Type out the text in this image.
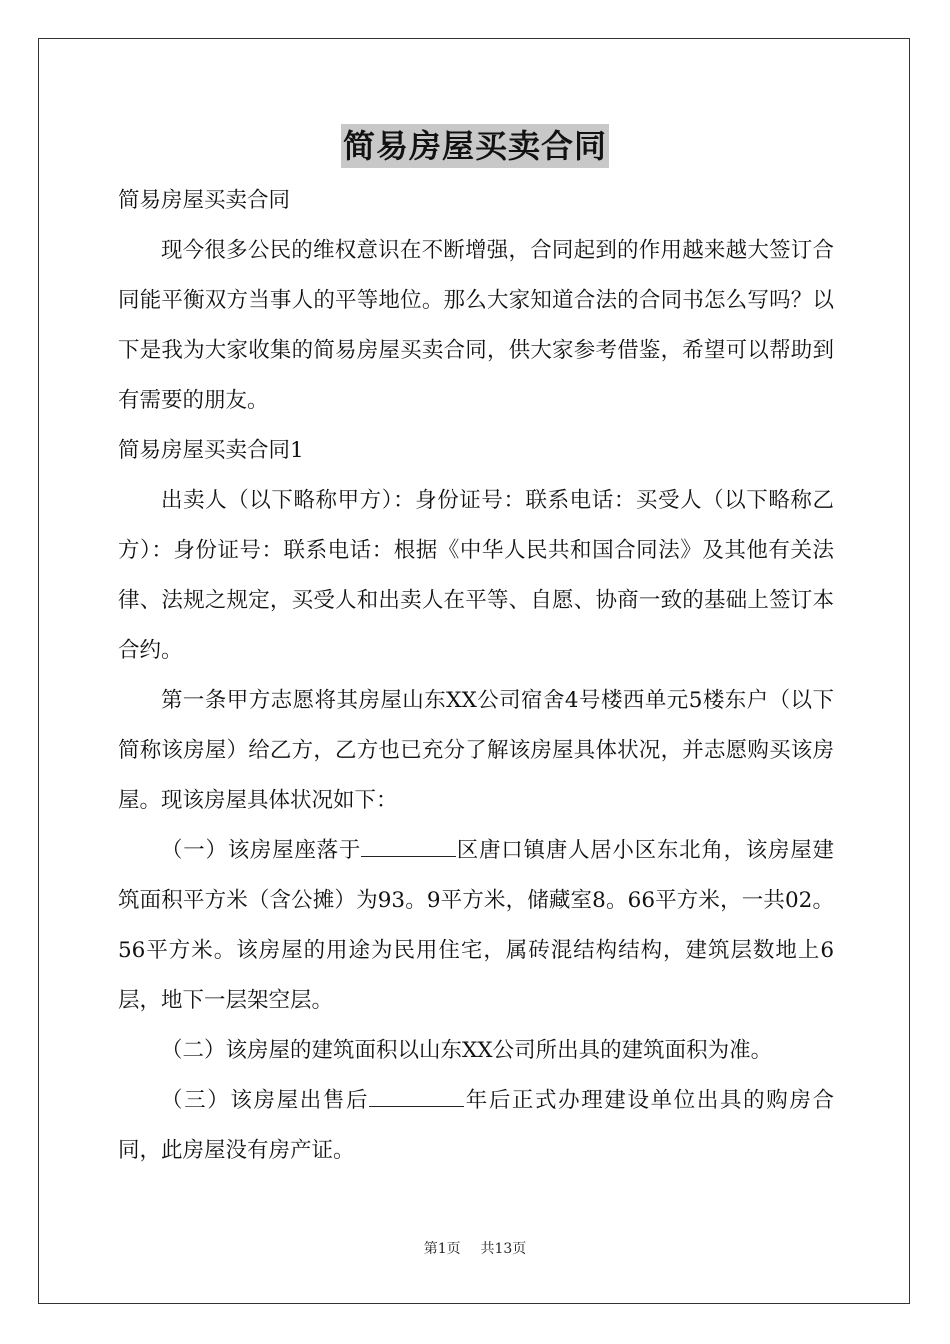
简易房屋买卖合同

简易房屋买卖合同

现今很多公民的维权意识在不断增强，合同起到的作用越来越大签订合同能平衡双方当事人的平等地位。那么大家知道合法的合同书怎么写吗？以下是我为大家收集的简易房屋买卖合同，供大家参考借鉴，希望可以帮助到有需要的朋友。

简易房屋买卖合同1

出卖人（以下略称甲方）：身份证号：联系电话：买受人（以下略称乙方）：身份证号：联系电话：根据《中华人民共和国合同法》及其他有关法律、法规之规定，买受人和出卖人在平等、自愿、协商一致的基础上签订本合约。

第一条甲方志愿将其房屋山东XX公司宿舍4号楼西单元5楼东户（以下简称该房屋）给乙方，乙方也已充分了解该房屋具体状况，并志愿购买该房屋。现该房屋具体状况如下：

（一）该房屋座落于	区唐口镇唐人居小区东北角，该房屋建筑面积平方米（含公摊）为93。9平方米，储藏室8。66平方米，一共02。56平方米。该房屋的用途为民用住宅，属砖混结构结构，建筑层数地上6层，地下一层架空层。

（二）该房屋的建筑面积以山东XX公司所出具的建筑面积为准。

（三）该房屋出售后	年后正式办理建设单位出具的购房合同，此房屋没有房产证。

第1页 共13页
